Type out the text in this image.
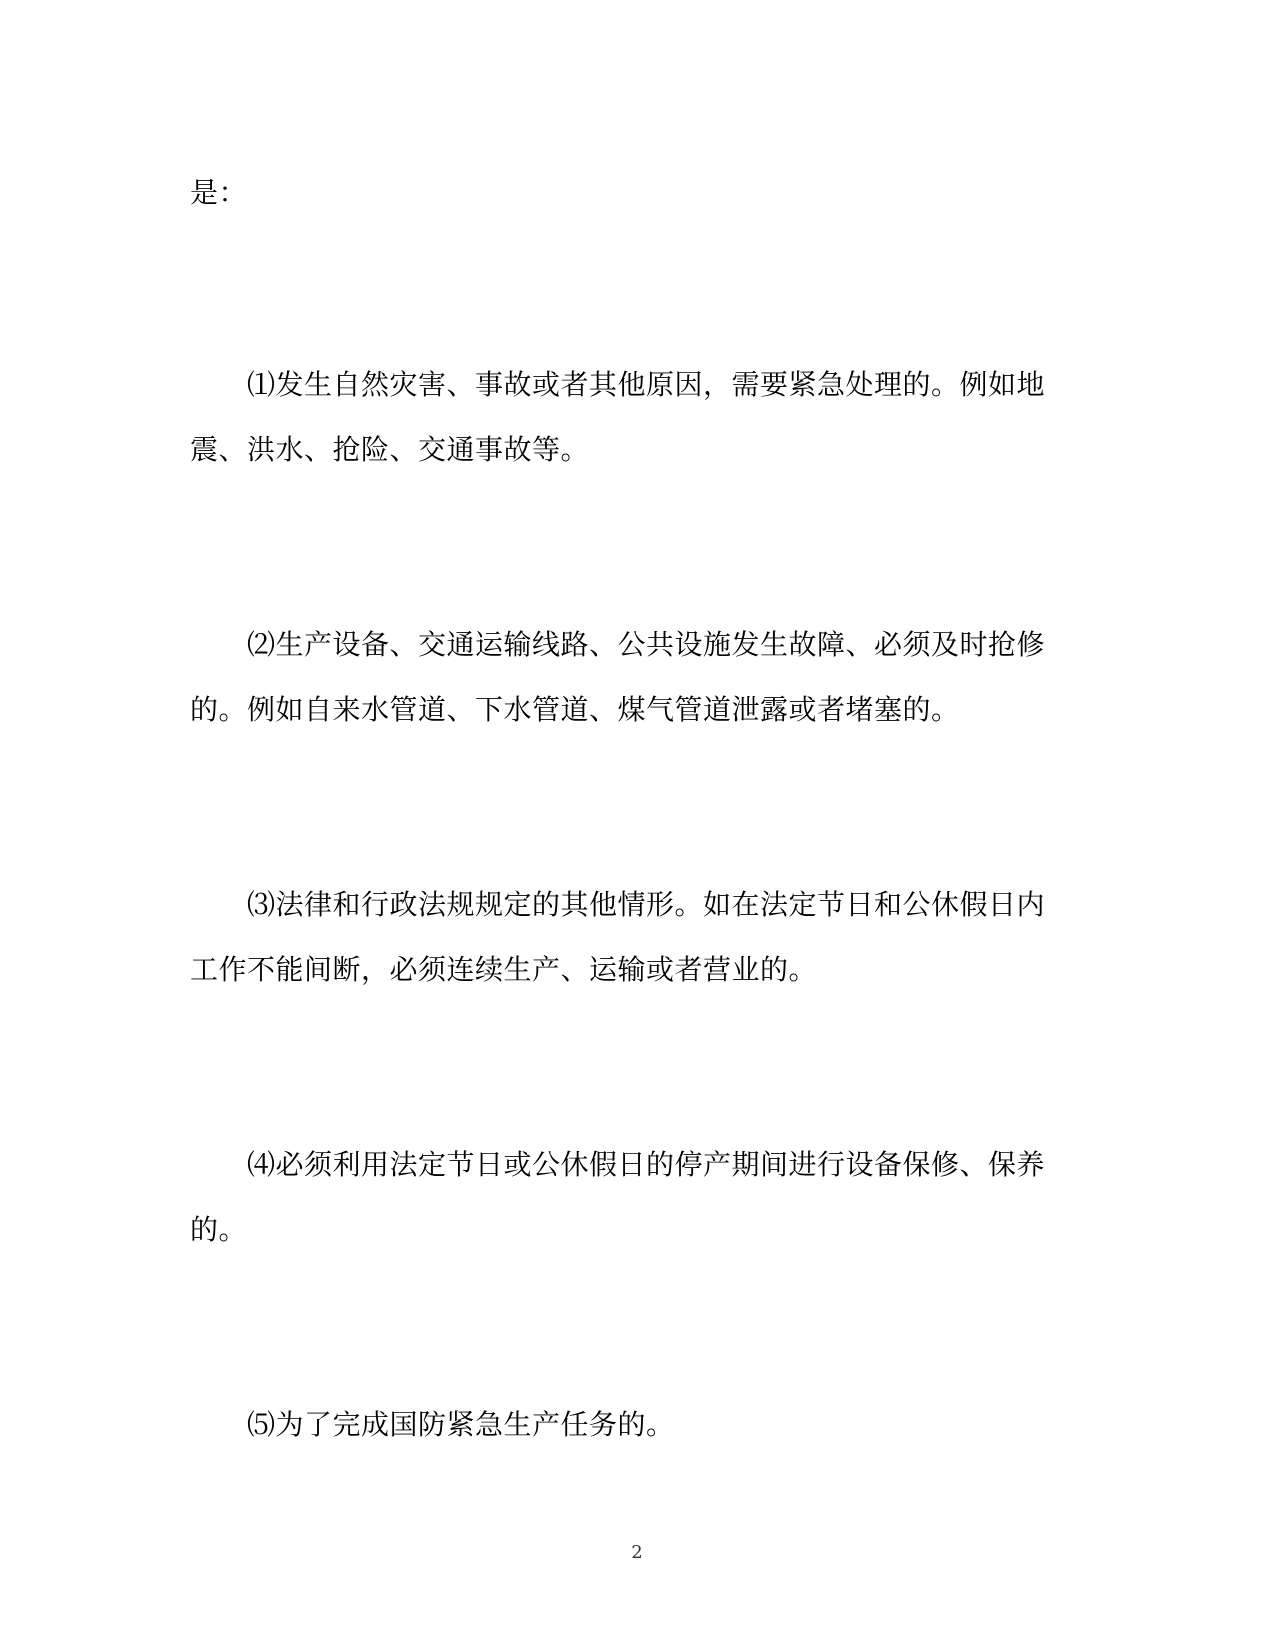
是：

⑴发生自然灾害、事故或者其他原因，需要紧急处理的。例如地
震、洪水、抢险、交通事故等。

⑵生产设备、交通运输线路、公共设施发生故障、必须及时抢修
的。例如自来水管道、下水管道、煤气管道泄露或者堵塞的。

⑶法律和行政法规规定的其他情形。如在法定节日和公休假日内
工作不能间断，必须连续生产、运输或者营业的。

⑷必须利用法定节日或公休假日的停产期间进行设备保修、保养
的。

⑸为了完成国防紧急生产任务的。

2
